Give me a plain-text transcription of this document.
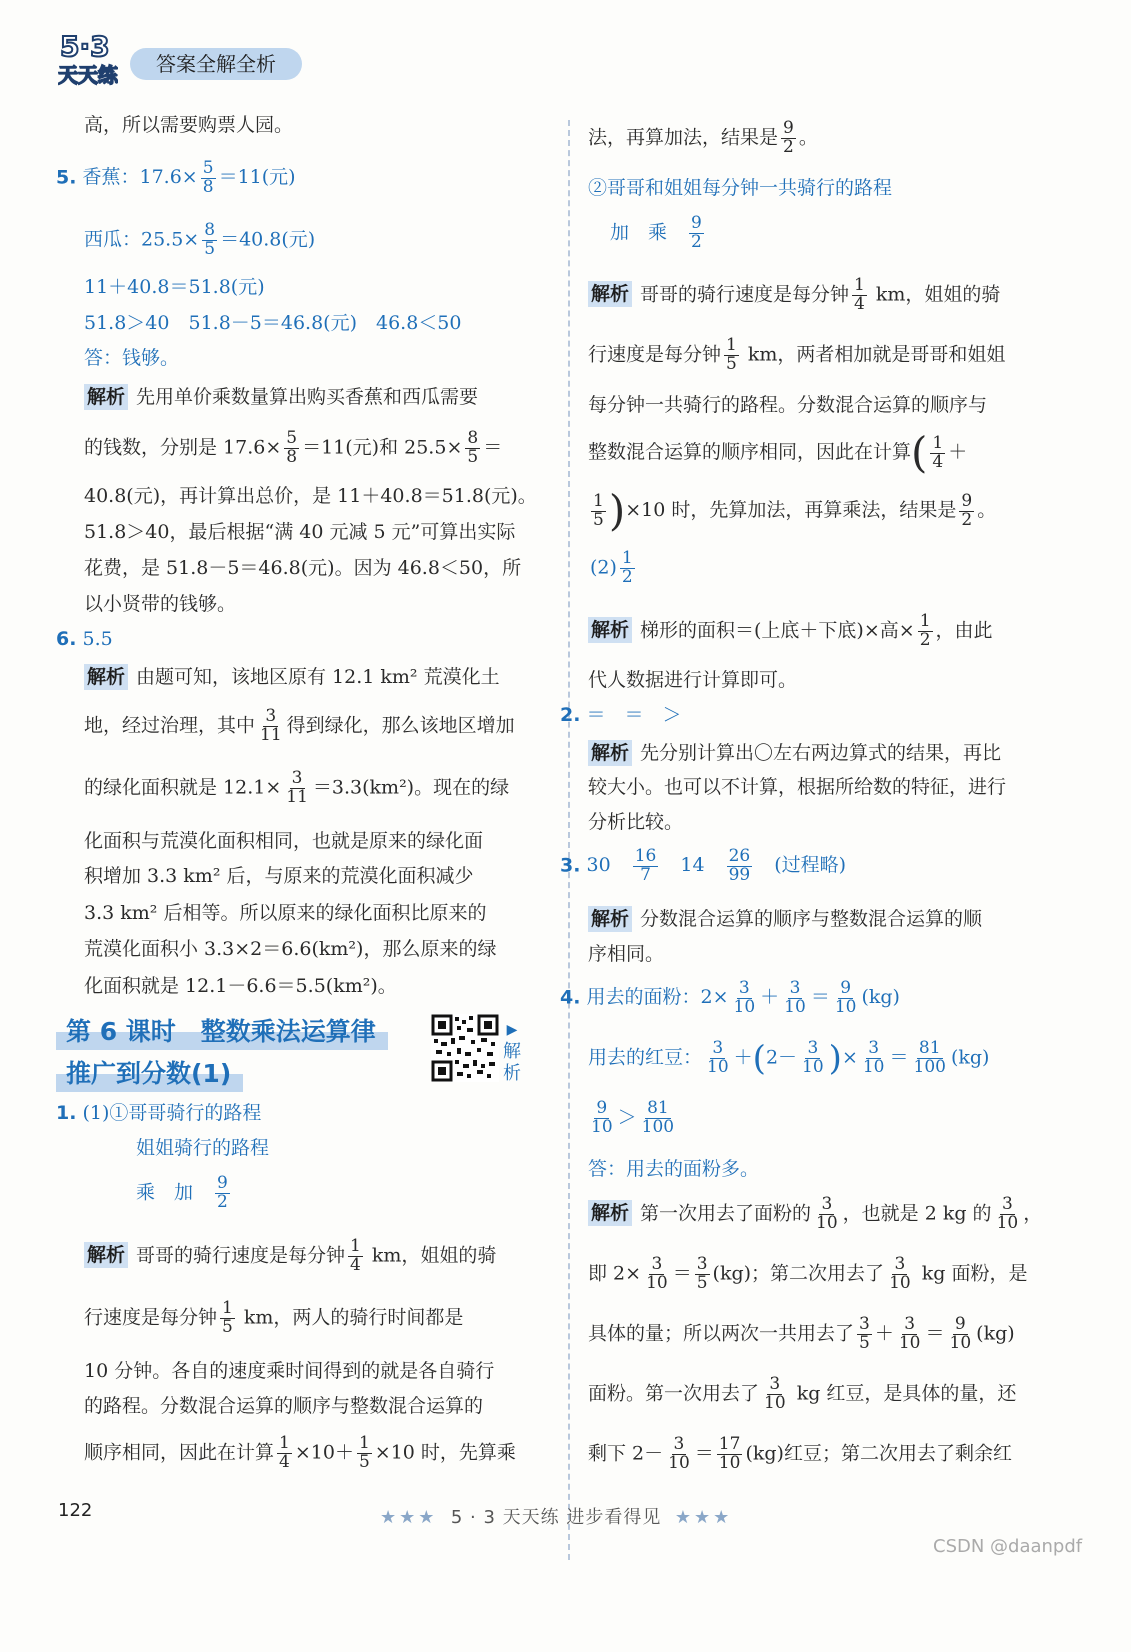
5·3
天天练	答案全解全析
高，所以需要购票人园。
5. 香蕉：$17.6\times \frac{5}{8} =11$(元)
西瓜：$25.5\times \frac{8}{5} =40.8$(元)
11＋40.8＝51.8(元)
51.8＞40　51.8－5＝46.8(元)　46.8＜50
答：钱够。
解析 先用单价乘数量算出购买香蕉和西瓜需要
的钱数，分别是 $17.6\times \frac{5}{8} =11$(元)和 $25.5\times \frac{8}{5}$ ＝
40.8(元)，再计算出总价，是 11＋40.8＝51.8(元)。
51.8＞40，最后根据“满 40 元减 5 元”可算出实际
花费，是 51.8－5＝46.8(元)。因为 46.8＜50，所
以小贤带的钱够。
6. 5.5
解析 由题可知，该地区原有 12.1 km² 荒漠化土
地，经过治理，其中 $\frac{3}{11}$ 得到绿化，那么该地区增加
的绿化面积就是 $12.1\times \frac{3}{11} =3.3(km^2)$。现在的绿
化面积与荒漠化面积相同，也就是原来的绿化面
积增加 3.3 km² 后，与原来的荒漠化面积减少
3.3 km² 后相等。所以原来的绿化面积比原来的
荒漠化面积小 3.3×2＝6.6(km²)，那么原来的绿
化面积就是 12.1－6.6＝5.5(km²)。
第 6 课时　整数乘法运算律
推广到分数(1)
▶
解析
1. (1)①哥哥骑行的路程
姐姐骑行的路程
乘　加　 $\frac{9}{2}$
解析 哥哥的骑行速度是每分钟 $\frac{1}{4}$ km，姐姐的骑
行速度是每分钟 $\frac{1}{5}$ km，两人的骑行时间都是
10 分钟。各自的速度乘时间得到的就是各自骑行
的路程。分数混合运算的顺序与整数混合运算的
顺序相同，因此在计算 $\frac{1}{4} \times 10+ \frac{1}{5} \times 10$ 时，先算乘
法，再算加法，结果是 $\frac{9}{2}$ 。
②哥哥和姐姐每分钟一共骑行的路程
加　乘　 $\frac{9}{2}$
解析 哥哥的骑行速度是每分钟 $\frac{1}{4}$ km，姐姐的骑
行速度是每分钟 $\frac{1}{5}$ km，两者相加就是哥哥和姐姐
每分钟一共骑行的路程。分数混合运算的顺序与
整数混合运算的顺序相同，因此在计算( $\frac{1}{4}$ ＋
$\frac{1}{5} )\times 10$ 时，先算加法，再算乘法，结果是 $\frac{9}{2}$ 。
$(2) \frac{1}{2}$
解析 梯形的面积＝(上底＋下底)×高× $\frac{1}{2}$ ，由此
代人数据进行计算即可。
2. ＝　＝　＞
解析 先分别计算出〇左右两边算式的结果，再比
较大小。也可以不计算，根据所给数的特征，进行
分析比较。
3. 30　 $\frac{16}{7}$
　 14　 $\frac{26}{99}$
　 (过程略)
解析 分数混合运算的顺序与整数混合运算的顺
序相同。
4. 用去的面粉：$2\times \frac{3}{10} + \frac{3}{10} = \frac{9}{10} (kg)$
用去的红豆： $\frac{3}{10} +(2- \frac{3}{10}$ )× $\frac{3}{10} = \frac{81}{100} (kg)$
$\frac{9}{10} > \frac{81}{100}$
答：用去的面粉多。
解析 第一次用去了面粉的 $\frac{3}{10}$ ，也就是 2 kg 的 $\frac{3}{10}$ ，
即 $2\times \frac{3}{10} = \frac{3}{5} (kg)$；第二次用去了 $\frac{3}{10}$ kg 面粉，是
具体的量；所以两次一共用去了 $\frac{3}{5} + \frac{3}{10} = \frac{9}{10} (kg)$
面粉。第一次用去了 $\frac{3}{10}$ kg 红豆，是具体的量，还
剩下 $2- \frac{3}{10} = \frac{17}{10} (kg)$红豆；第二次用去了剩余红
122	★★★ 5 · 3 天天练 进步看得见 ★★★
CSDN @daanpdf
